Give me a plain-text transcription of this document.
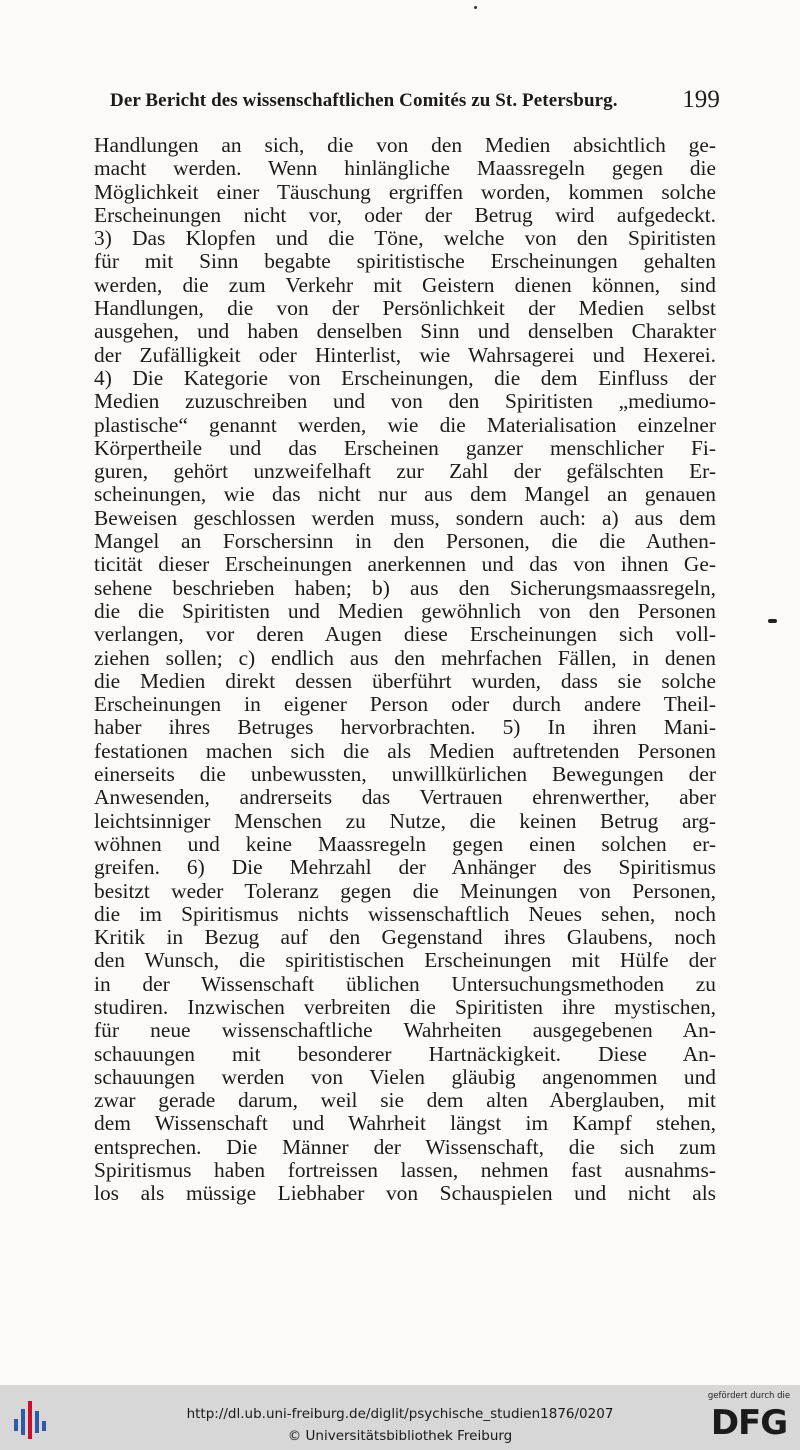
Der Bericht des wissenschaftlichen Comités zu St. Petersburg.	199
Handlungen an sich, die von den Medien absichtlich ge-
macht werden. Wenn hinlängliche Maassregeln gegen die
Möglichkeit einer Täuschung ergriffen worden, kommen solche
Erscheinungen nicht vor, oder der Betrug wird aufgedeckt.
3) Das Klopfen und die Töne, welche von den Spiritisten
für mit Sinn begabte spiritistische Erscheinungen gehalten
werden, die zum Verkehr mit Geistern dienen können, sind
Handlungen, die von der Persönlichkeit der Medien selbst
ausgehen, und haben denselben Sinn und denselben Charakter
der Zufälligkeit oder Hinterlist, wie Wahrsagerei und Hexerei.
4) Die Kategorie von Erscheinungen, die dem Einfluss der
Medien zuzuschreiben und von den Spiritisten „mediumo-
plastische“ genannt werden, wie die Materialisation einzelner
Körpertheile und das Erscheinen ganzer menschlicher Fi-
guren, gehört unzweifelhaft zur Zahl der gefälschten Er-
scheinungen, wie das nicht nur aus dem Mangel an genauen
Beweisen geschlossen werden muss, sondern auch: a) aus dem
Mangel an Forschersinn in den Personen, die die Authen-
ticität dieser Erscheinungen anerkennen und das von ihnen Ge-
sehene beschrieben haben; b) aus den Sicherungsmaassregeln,
die die Spiritisten und Medien gewöhnlich von den Personen
verlangen, vor deren Augen diese Erscheinungen sich voll-
ziehen sollen; c) endlich aus den mehrfachen Fällen, in denen
die Medien direkt dessen überführt wurden, dass sie solche
Erscheinungen in eigener Person oder durch andere Theil-
haber ihres Betruges hervorbrachten. 5) In ihren Mani-
festationen machen sich die als Medien auftretenden Personen
einerseits die unbewussten, unwillkürlichen Bewegungen der
Anwesenden, andrerseits das Vertrauen ehrenwerther, aber
leichtsinniger Menschen zu Nutze, die keinen Betrug arg-
wöhnen und keine Maassregeln gegen einen solchen er-
greifen. 6) Die Mehrzahl der Anhänger des Spiritismus
besitzt weder Toleranz gegen die Meinungen von Personen,
die im Spiritismus nichts wissenschaftlich Neues sehen, noch
Kritik in Bezug auf den Gegenstand ihres Glaubens, noch
den Wunsch, die spiritistischen Erscheinungen mit Hülfe der
in der Wissenschaft üblichen Untersuchungsmethoden zu
studiren. Inzwischen verbreiten die Spiritisten ihre mystischen,
für neue wissenschaftliche Wahrheiten ausgegebenen An-
schauungen mit besonderer Hartnäckigkeit. Diese An-
schauungen werden von Vielen gläubig angenommen und
zwar gerade darum, weil sie dem alten Aberglauben, mit
dem Wissenschaft und Wahrheit längst im Kampf stehen,
entsprechen. Die Männer der Wissenschaft, die sich zum
Spiritismus haben fortreissen lassen, nehmen fast ausnahms-
los als müssige Liebhaber von Schauspielen und nicht als
http://dl.ub.uni-freiburg.de/diglit/psychische_studien1876/0207
© Universitätsbibliothek Freiburg
gefördert durch die
DFG
